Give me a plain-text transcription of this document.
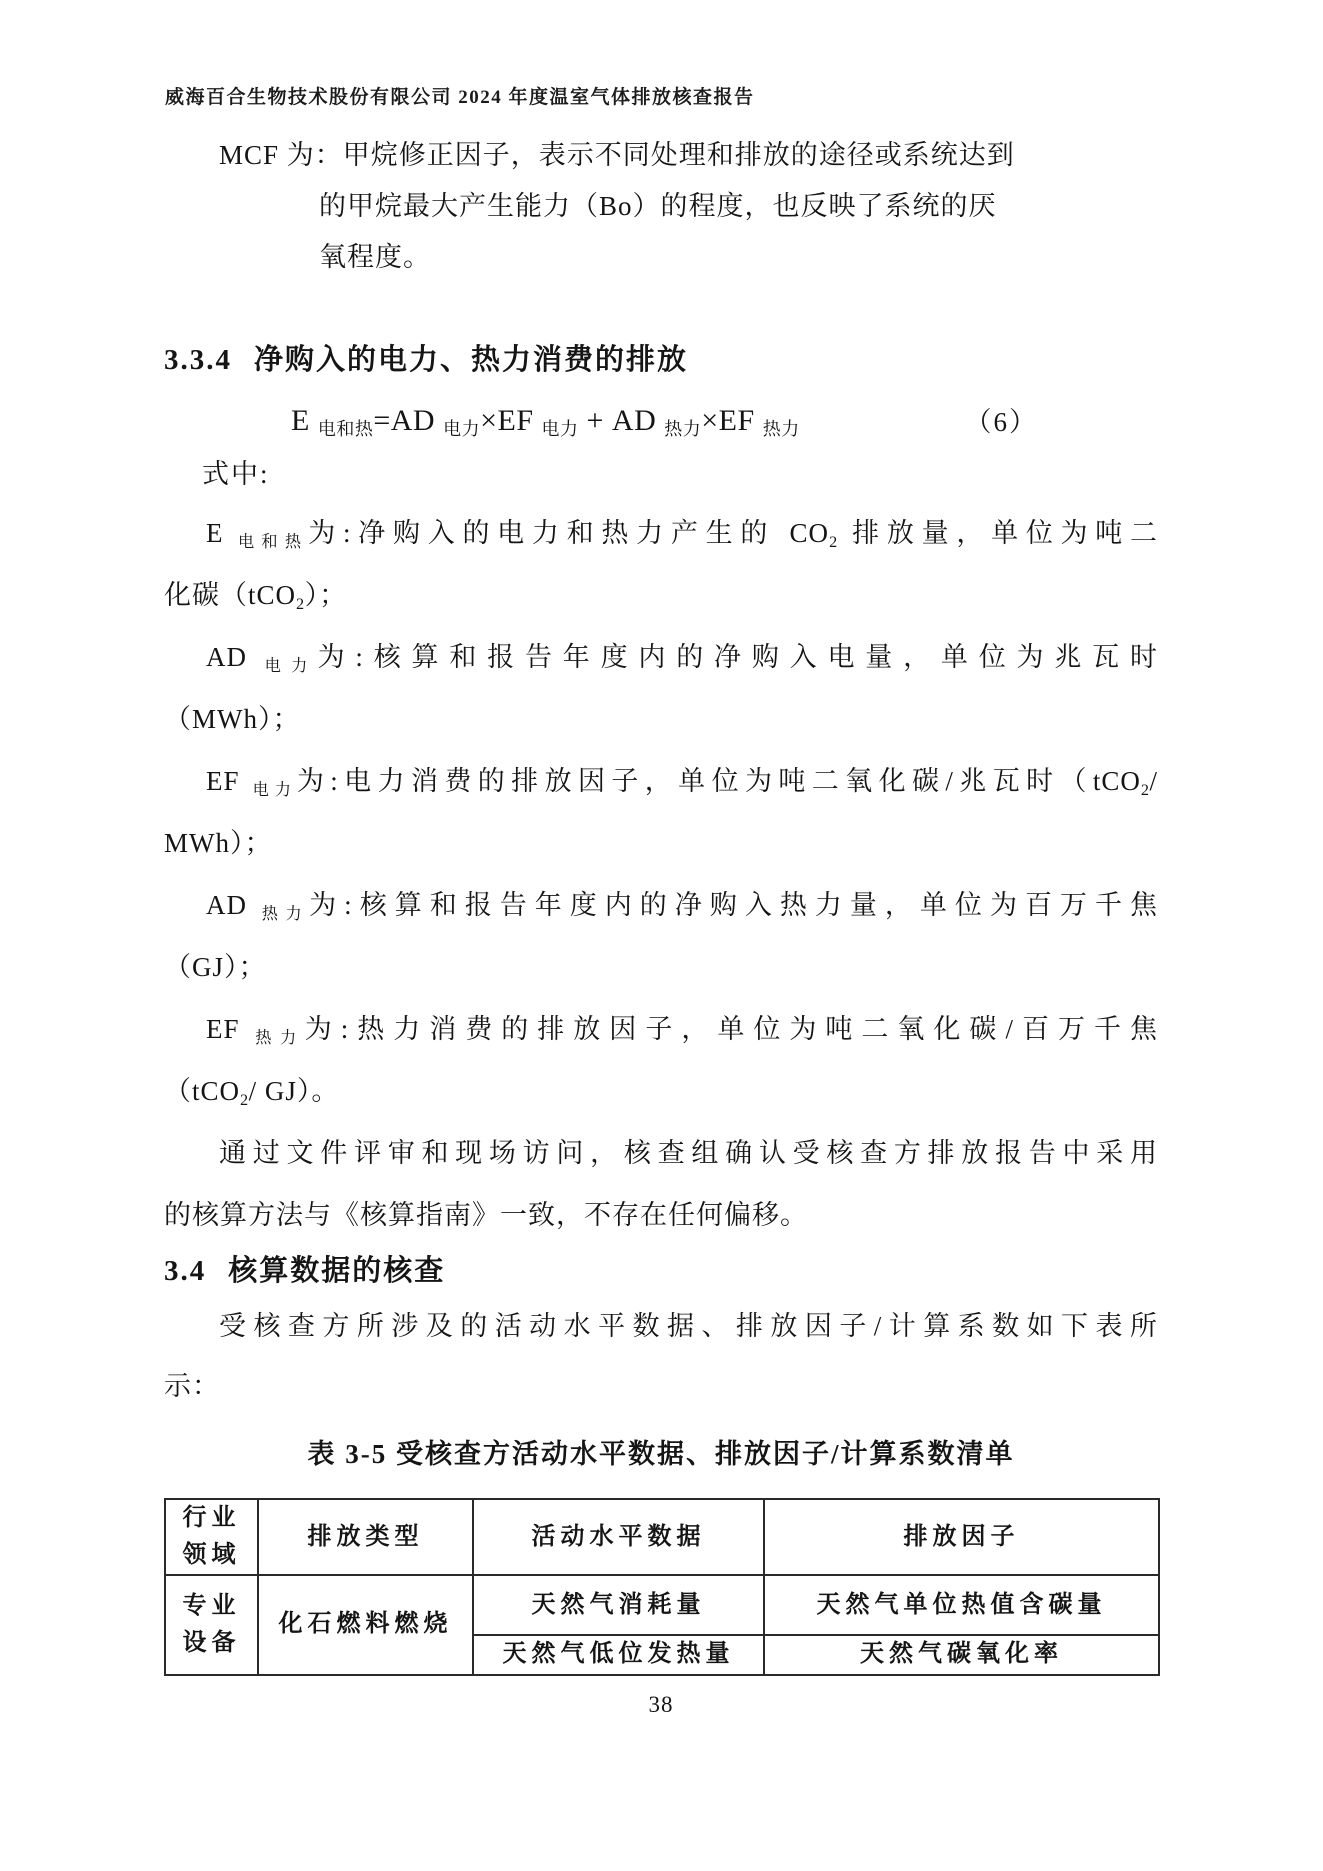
威海百合生物技术股份有限公司 2024 年度温室气体排放核查报告
MCF 为：甲烷修正因子，表示不同处理和排放的途径或系统达到
的甲烷最大产生能力（Bo）的程度，也反映了系统的厌
氧程度。
3.3.4 净购入的电力、热力消费的排放
E 电和热=AD 电力×EF 电力 + AD 热力×EF 热力	（6）
式中:
E 电和热为:净购入的电力和热力产生的 CO2 排放量，单位为吨二
化碳（tCO2）；
AD 电力为:核算和报告年度内的净购入电量，单位为兆瓦时
（MWh）；
EF 电力为:电力消费的排放因子，单位为吨二氧化碳/兆瓦时（tCO2/
MWh）；
AD 热力为:核算和报告年度内的净购入热力量，单位为百万千焦
（GJ）；
EF 热力为:热力消费的排放因子，单位为吨二氧化碳/百万千焦
（tCO2/ GJ）。
通过文件评审和现场访问，核查组确认受核查方排放报告中采用
的核算方法与《核算指南》一致，不存在任何偏移。
3.4 核算数据的核查
受核查方所涉及的活动水平数据、排放因子/计算系数如下表所
示：
表 3-5 受核查方活动水平数据、排放因子/计算系数清单
行业领域	排放类型	活动水平数据	排放因子
专业设备	化石燃料燃烧	天然气消耗量	天然气单位热值含碳量
		天然气低位发热量	天然气碳氧化率
38
